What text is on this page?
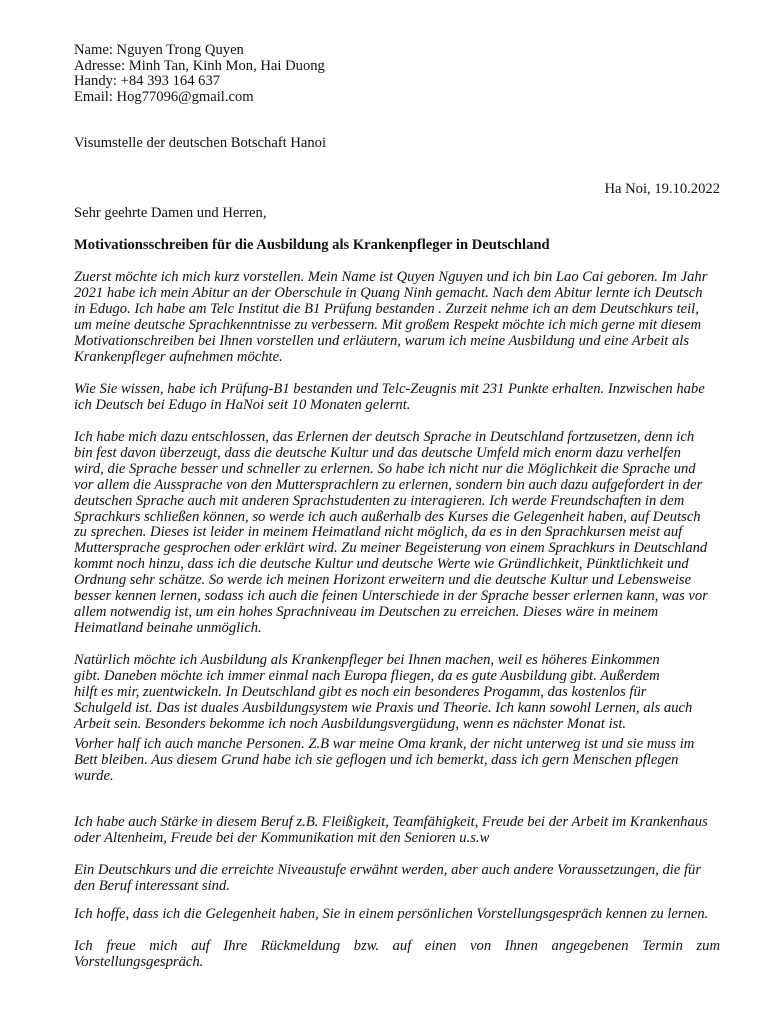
Name: Nguyen Trong Quyen
Adresse: Minh Tan, Kinh Mon, Hai Duong
Handy: +84 393 164 637
Email: Hog77096@gmail.com
Visumstelle der deutschen Botschaft Hanoi
Ha Noi, 19.10.2022
Sehr geehrte Damen und Herren,
Motivationsschreiben für die Ausbildung als Krankenpfleger in Deutschland
Zuerst möchte ich mich kurz vorstellen. Mein Name ist Quyen Nguyen und ich bin Lao Cai geboren. Im Jahr
2021 habe ich mein Abitur an der Oberschule in Quang Ninh gemacht. Nach dem Abitur lernte ich Deutsch
in Edugo. Ich habe am Telc Institut die B1 Prüfung bestanden . Zurzeit nehme ich an dem Deutschkurs teil,
um meine deutsche Sprachkenntnisse zu verbessern. Mit großem Respekt möchte ich mich gerne mit diesem
Motivationschreiben bei Ihnen vorstellen und erläutern, warum ich meine Ausbildung und eine Arbeit als
Krankenpfleger aufnehmen möchte.
Wie Sie wissen, habe ich Prüfung-B1 bestanden und Telc-Zeugnis mit 231 Punkte erhalten. Inzwischen habe
ich Deutsch bei Edugo in HaNoi seit 10 Monaten gelernt.
Ich habe mich dazu entschlossen, das Erlernen der deutsch Sprache in Deutschland fortzusetzen, denn ich
bin fest davon überzeugt, dass die deutsche Kultur und das deutsche Umfeld mich enorm dazu verhelfen
wird, die Sprache besser und schneller zu erlernen. So habe ich nicht nur die Möglichkeit die Sprache und
vor allem die Aussprache von den Muttersprachlern zu erlernen, sondern bin auch dazu aufgefordert in der
deutschen Sprache auch mit anderen Sprachstudenten zu interagieren. Ich werde Freundschaften in dem
Sprachkurs schließen können, so werde ich auch außerhalb des Kurses die Gelegenheit haben, auf Deutsch
zu sprechen. Dieses ist leider in meinem Heimatland nicht möglich, da es in den Sprachkursen meist auf
Muttersprache gesprochen oder erklärt wird. Zu meiner Begeisterung von einem Sprachkurs in Deutschland
kommt noch hinzu, dass ich die deutsche Kultur und deutsche Werte wie Gründlichkeit, Pünktlichkeit und
Ordnung sehr schätze. So werde ich meinen Horizont erweitern und die deutsche Kultur und Lebensweise
besser kennen lernen, sodass ich auch die feinen Unterschiede in der Sprache besser erlernen kann, was vor
allem notwendig ist, um ein hohes Sprachniveau im Deutschen zu erreichen. Dieses wäre in meinem
Heimatland beinahe unmöglich.
Natürlich möchte ich Ausbildung als Krankenpfleger bei Ihnen machen, weil es höheres Einkommen
gibt. Daneben möchte ich immer einmal nach Europa fliegen, da es gute Ausbildung gibt. Außerdem
hilft es mir, zuentwickeln. In Deutschland gibt es noch ein besonderes Progamm, das kostenlos für
Schulgeld ist. Das ist duales Ausbildungsystem wie Praxis und Theorie. Ich kann sowohl Lernen, als auch
Arbeit sein. Besonders bekomme ich noch Ausbildungsvergüdung, wenn es nächster Monat ist.
Vorher half ich auch manche Personen. Z.B war meine Oma krank, der nicht unterweg ist und sie muss im
Bett bleiben. Aus diesem Grund habe ich sie geflogen und ich bemerkt, dass ich gern Menschen pflegen
wurde.
Ich habe auch Stärke in diesem Beruf z.B. Fleißigkeit, Teamfähigkeit, Freude bei der Arbeit im Krankenhaus
oder Altenheim, Freude bei der Kommunikation mit den Senioren u.s.w
Ein Deutschkurs und die erreichte Niveaustufe erwähnt werden, aber auch andere Voraussetzungen, die für
den Beruf interessant sind.
Ich hoffe, dass ich die Gelegenheit haben, Sie in einem persönlichen Vorstellungsgespräch kennen zu lernen.
Ich freue mich auf Ihre Rückmeldung bzw. auf einen von Ihnen angegebenen Termin zum
Vorstellungsgespräch.
